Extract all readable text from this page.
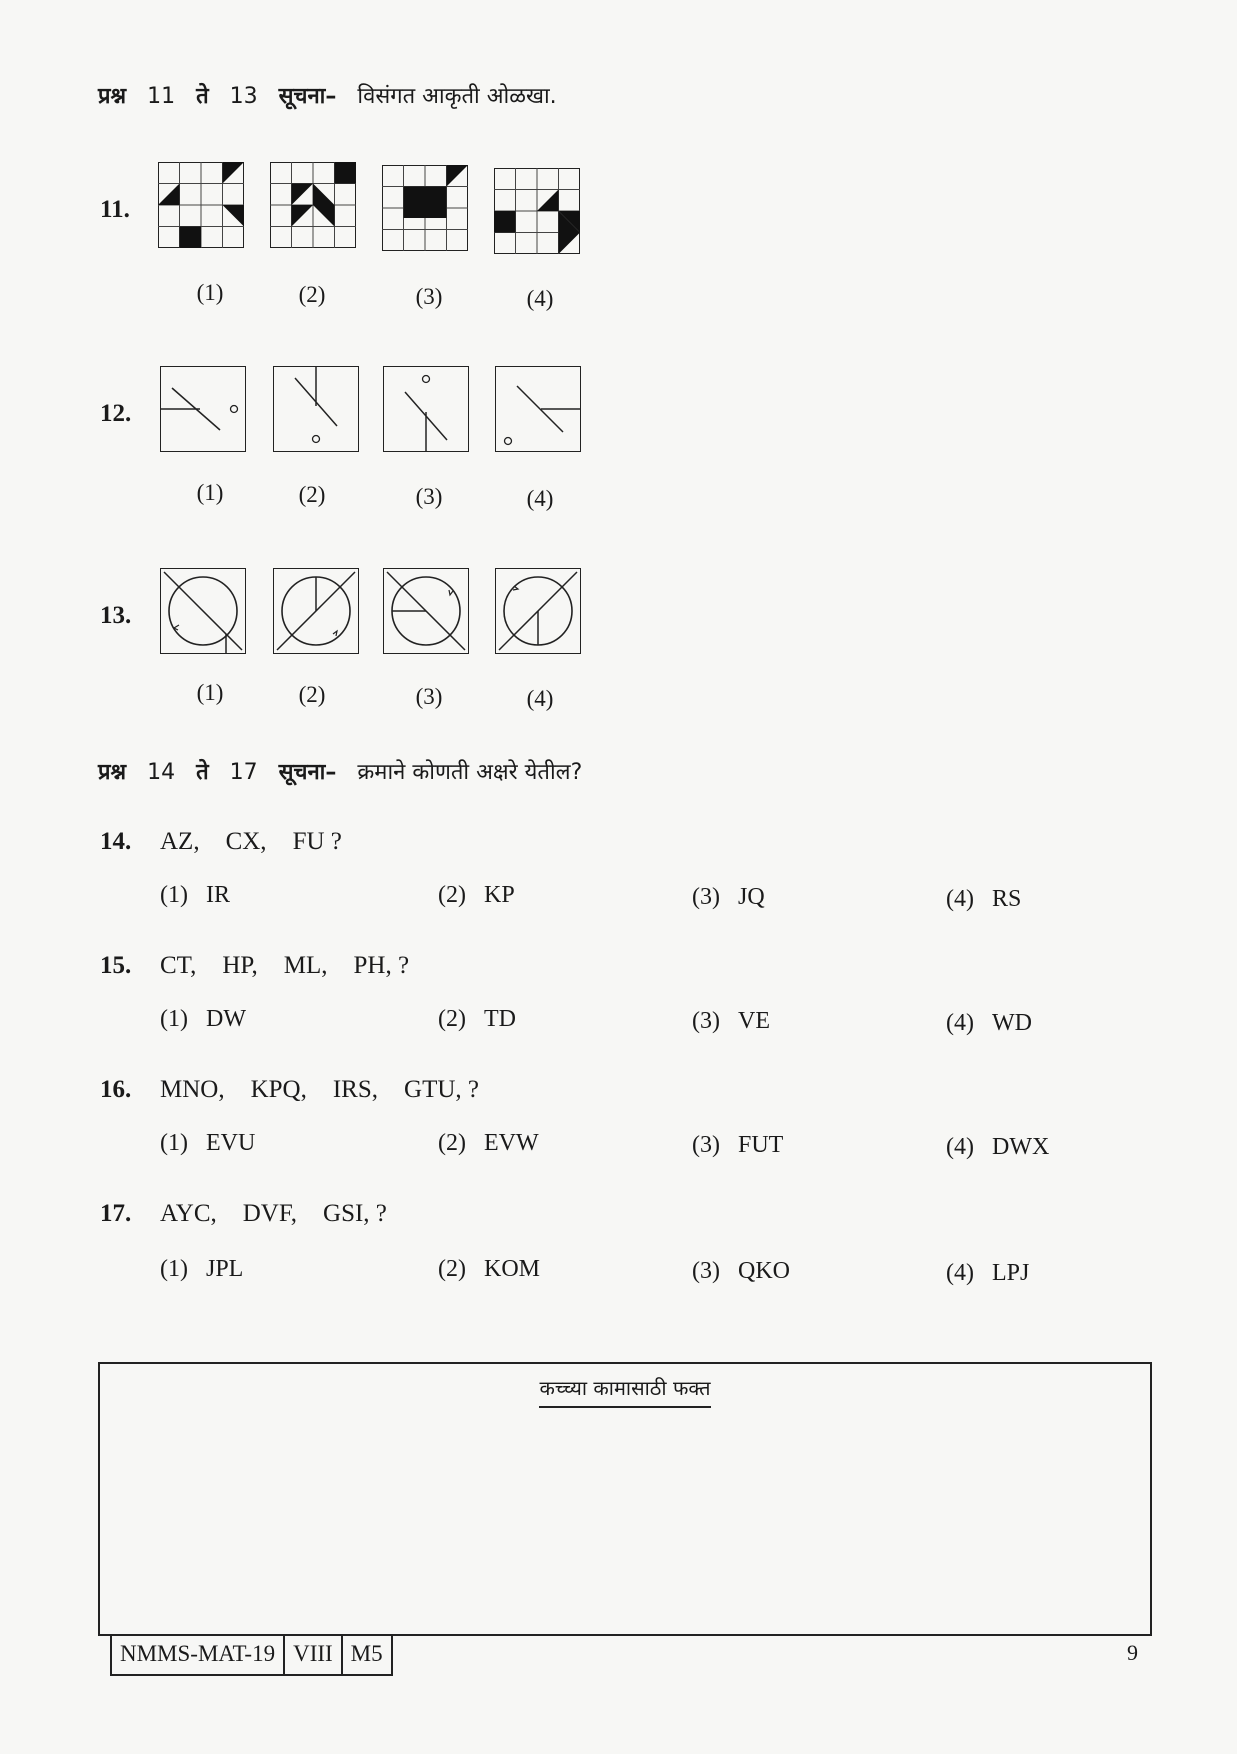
प्रश्न 11 ते 13 सूचना– विसंगत आकृती ओळखा.
11.
(1)	(2)	(3)	(4)
12.
(1)	(2)	(3)	(4)
13.
(1)	(2)	(3)	(4)
प्रश्न 14 ते 17 सूचना– क्रमाने कोणती अक्षरे येतील?
14. AZ, CX, FU ?
(1) IR	(2) KP	(3) JQ	(4) RS
15. CT, HP, ML, PH, ?
(1) DW	(2) TD	(3) VE	(4) WD
16. MNO, KPQ, IRS, GTU, ?
(1) EVU	(2) EVW	(3) FUT	(4) DWX
17. AYC, DVF, GSI, ?
(1) JPL	(2) KOM	(3) QKO	(4) LPJ
कच्च्या कामासाठी फक्त
NMMS-MAT-19 VIII M5	9
